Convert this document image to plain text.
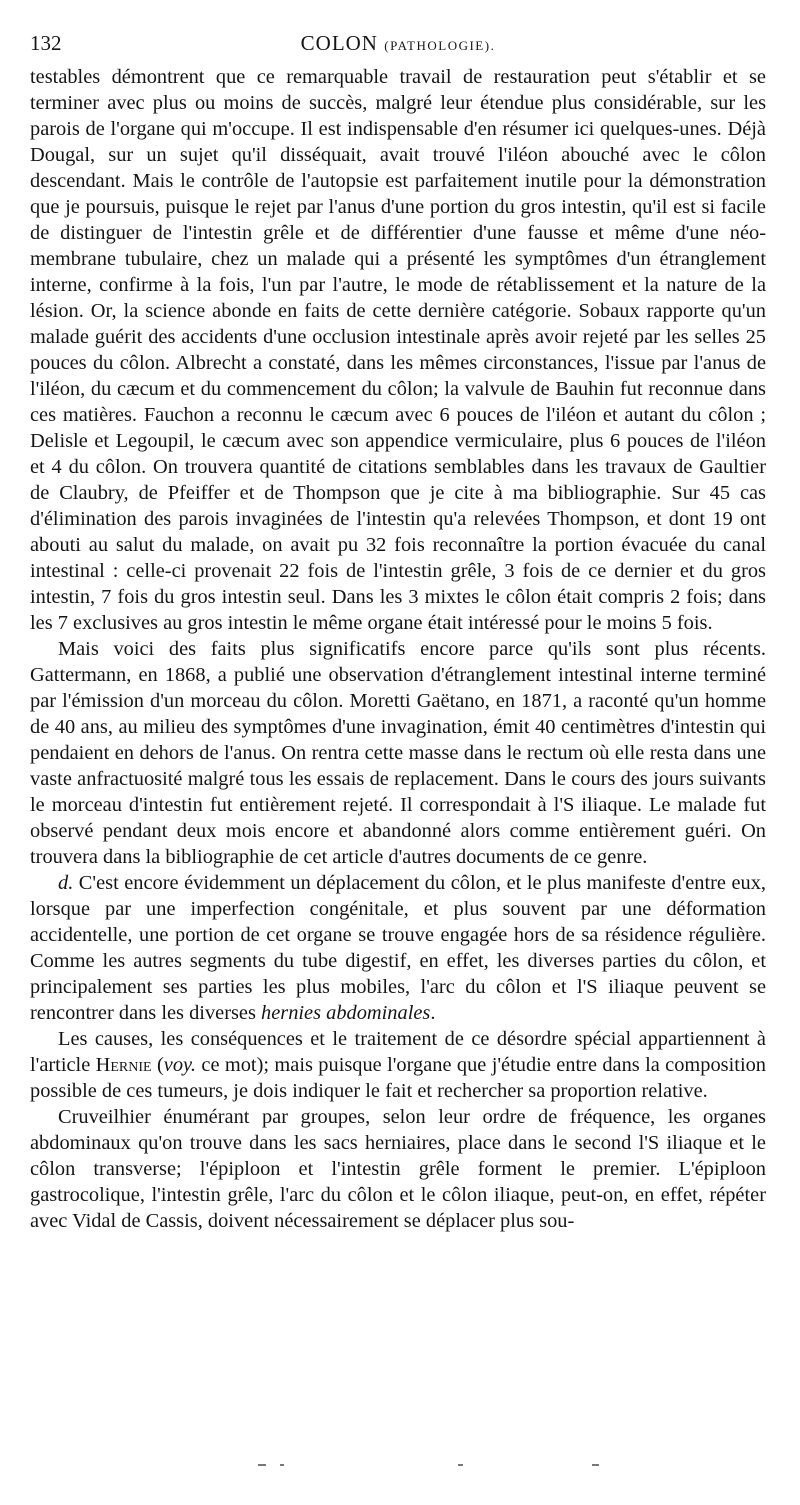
132	COLON (PATHOLOGIE).

testables démontrent que ce remarquable travail de restauration peut s'établir et se terminer avec plus ou moins de succès, malgré leur étendue plus considérable, sur les parois de l'organe qui m'occupe. Il est indispensable d'en résumer ici quelques-unes. Déjà Dougal, sur un sujet qu'il disséquait, avait trouvé l'iléon abouché avec le côlon descendant. Mais le contrôle de l'autopsie est parfaitement inutile pour la démonstration que je poursuis, puisque le rejet par l'anus d'une portion du gros intestin, qu'il est si facile de distinguer de l'intestin grêle et de différentier d'une fausse et même d'une néo-membrane tubulaire, chez un malade qui a présenté les symptômes d'un étranglement interne, confirme à la fois, l'un par l'autre, le mode de rétablissement et la nature de la lésion. Or, la science abonde en faits de cette dernière catégorie. Sobaux rapporte qu'un malade guérit des accidents d'une occlusion intestinale après avoir rejeté par les selles 25 pouces du côlon. Albrecht a constaté, dans les mêmes circonstances, l'issue par l'anus de l'iléon, du cæcum et du commencement du côlon; la valvule de Bauhin fut reconnue dans ces matières. Fauchon a reconnu le cæcum avec 6 pouces de l'iléon et autant du côlon ; Delisle et Legoupil, le cæcum avec son appendice vermiculaire, plus 6 pouces de l'iléon et 4 du côlon. On trouvera quantité de citations semblables dans les travaux de Gaultier de Claubry, de Pfeiffer et de Thompson que je cite à ma bibliographie. Sur 45 cas d'élimination des parois invaginées de l'intestin qu'a relevées Thompson, et dont 19 ont abouti au salut du malade, on avait pu 32 fois reconnaître la portion évacuée du canal intestinal : celle-ci provenait 22 fois de l'intestin grêle, 3 fois de ce dernier et du gros intestin, 7 fois du gros intestin seul. Dans les 3 mixtes le côlon était compris 2 fois; dans les 7 exclusives au gros intestin le même organe était intéressé pour le moins 5 fois.

Mais voici des faits plus significatifs encore parce qu'ils sont plus récents. Gattermann, en 1868, a publié une observation d'étranglement intestinal interne terminé par l'émission d'un morceau du côlon. Moretti Gaëtano, en 1871, a raconté qu'un homme de 40 ans, au milieu des symptômes d'une invagination, émit 40 centimètres d'intestin qui pendaient en dehors de l'anus. On rentra cette masse dans le rectum où elle resta dans une vaste anfractuosité malgré tous les essais de replacement. Dans le cours des jours suivants le morceau d'intestin fut entièrement rejeté. Il correspondait à l'S iliaque. Le malade fut observé pendant deux mois encore et abandonné alors comme entièrement guéri. On trouvera dans la bibliographie de cet article d'autres documents de ce genre.

d. C'est encore évidemment un déplacement du côlon, et le plus manifeste d'entre eux, lorsque par une imperfection congénitale, et plus souvent par une déformation accidentelle, une portion de cet organe se trouve engagée hors de sa résidence régulière. Comme les autres segments du tube digestif, en effet, les diverses parties du côlon, et principalement ses parties les plus mobiles, l'arc du côlon et l'S iliaque peuvent se rencontrer dans les diverses hernies abdominales.

Les causes, les conséquences et le traitement de ce désordre spécial appartiennent à l'article Hernie (voy. ce mot); mais puisque l'organe que j'étudie entre dans la composition possible de ces tumeurs, je dois indiquer le fait et rechercher sa proportion relative.

Cruveilhier énumérant par groupes, selon leur ordre de fréquence, les organes abdominaux qu'on trouve dans les sacs herniaires, place dans le second l'S iliaque et le côlon transverse; l'épiploon et l'intestin grêle forment le premier. L'épiploon gastrocolique, l'intestin grêle, l'arc du côlon et le côlon iliaque, peut-on, en effet, répéter avec Vidal de Cassis, doivent nécessairement se déplacer plus sou-
